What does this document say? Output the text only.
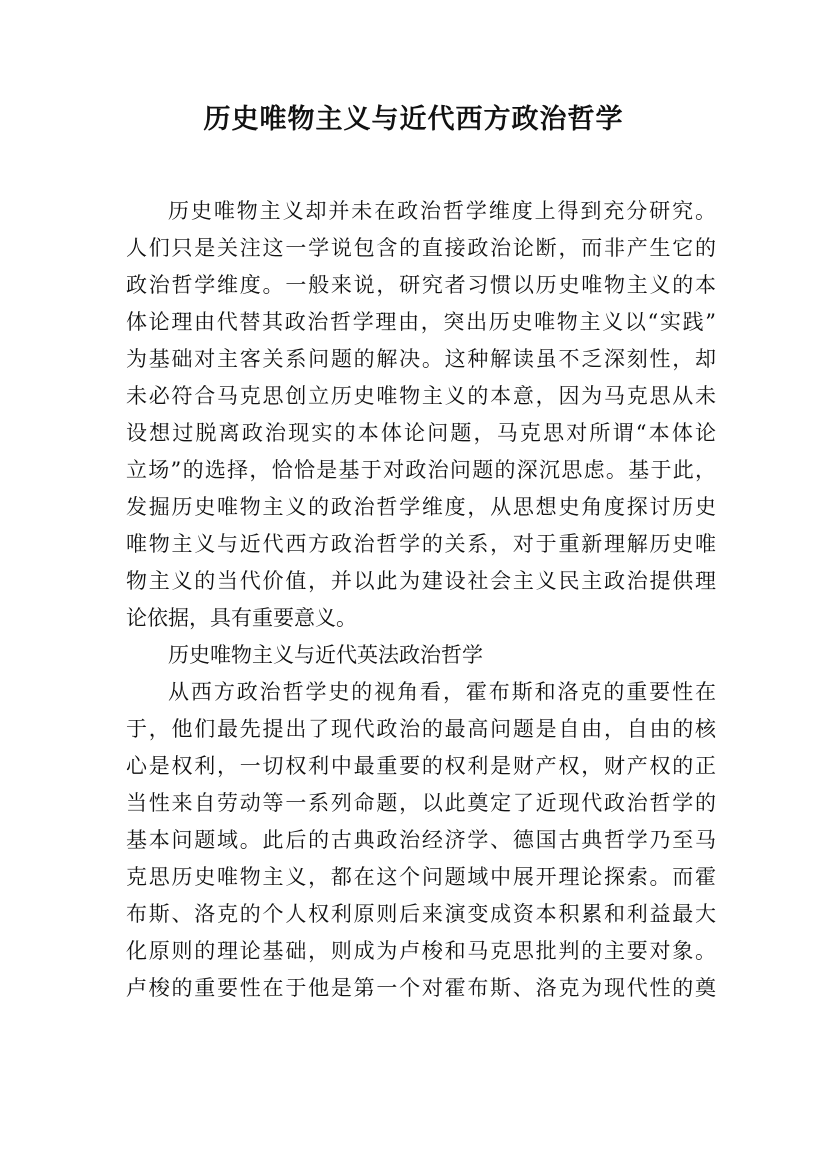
历史唯物主义与近代西方政治哲学
历史唯物主义却并未在政治哲学维度上得到充分研究。
人们只是关注这一学说包含的直接政治论断，而非产生它的
政治哲学维度。一般来说，研究者习惯以历史唯物主义的本
体论理由代替其政治哲学理由，突出历史唯物主义以“实践”
为基础对主客关系问题的解决。这种解读虽不乏深刻性，却
未必符合马克思创立历史唯物主义的本意，因为马克思从未
设想过脱离政治现实的本体论问题，马克思对所谓“本体论
立场”的选择，恰恰是基于对政治问题的深沉思虑。基于此，
发掘历史唯物主义的政治哲学维度，从思想史角度探讨历史
唯物主义与近代西方政治哲学的关系，对于重新理解历史唯
物主义的当代价值，并以此为建设社会主义民主政治提供理
论依据，具有重要意义。
历史唯物主义与近代英法政治哲学
从西方政治哲学史的视角看，霍布斯和洛克的重要性在
于，他们最先提出了现代政治的最高问题是自由，自由的核
心是权利，一切权利中最重要的权利是财产权，财产权的正
当性来自劳动等一系列命题，以此奠定了近现代政治哲学的
基本问题域。此后的古典政治经济学、德国古典哲学乃至马
克思历史唯物主义，都在这个问题域中展开理论探索。而霍
布斯、洛克的个人权利原则后来演变成资本积累和利益最大
化原则的理论基础，则成为卢梭和马克思批判的主要对象。
卢梭的重要性在于他是第一个对霍布斯、洛克为现代性的奠
